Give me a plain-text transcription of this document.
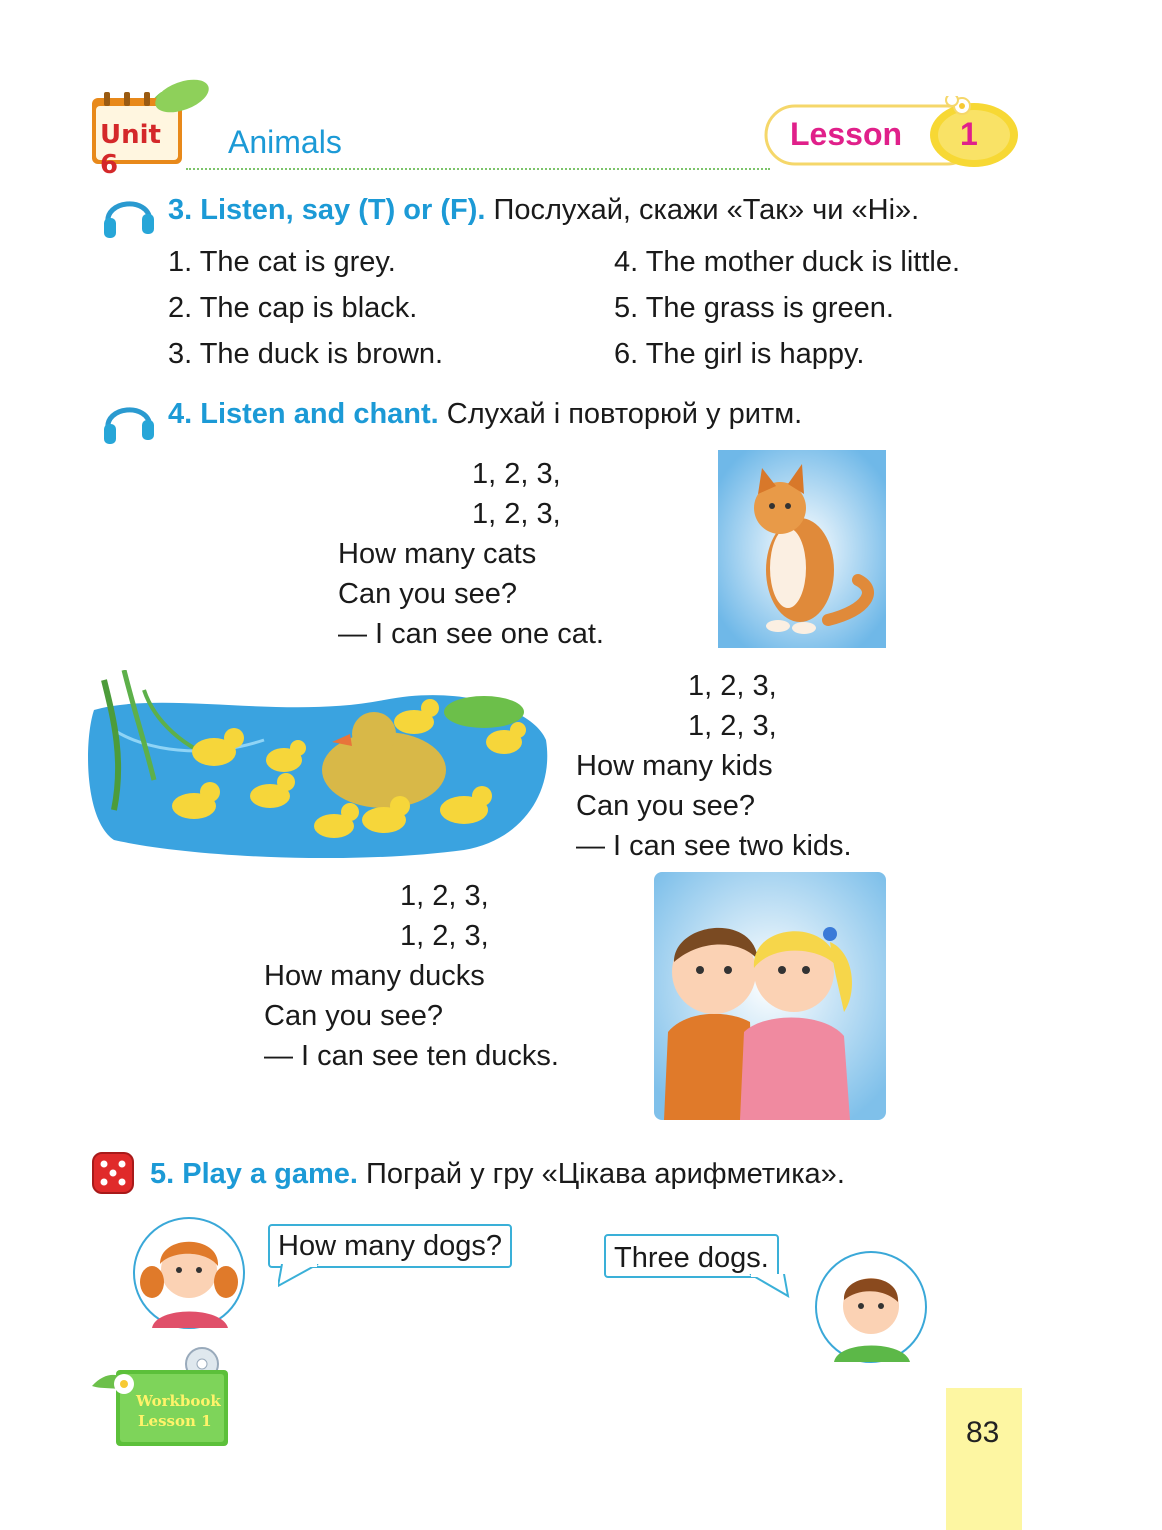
Unit 6
Animals	Lesson 1
3. Listen, say (T) or (F). Послухай, скажи «Так» чи «Ні».
1. The cat is grey.
2. The cap is black.
3. The duck is brown.
4. The mother duck is little.
5. The grass is green.
6. The girl is happy.
4. Listen and chant. Слухай і повторюй у ритм.
1, 2, 3,
1, 2, 3,
How many cats
Can you see?
— I can see one cat.
1, 2, 3,
1, 2, 3,
How many kids
Can you see?
— I can see two kids.
1, 2, 3,
1, 2, 3,
How many ducks
Can you see?
— I can see ten ducks.
5. Play a game. Пограй у гру «Цікава арифметика».
How many dogs?	Three dogs.
Workbook
Lesson 1	83
